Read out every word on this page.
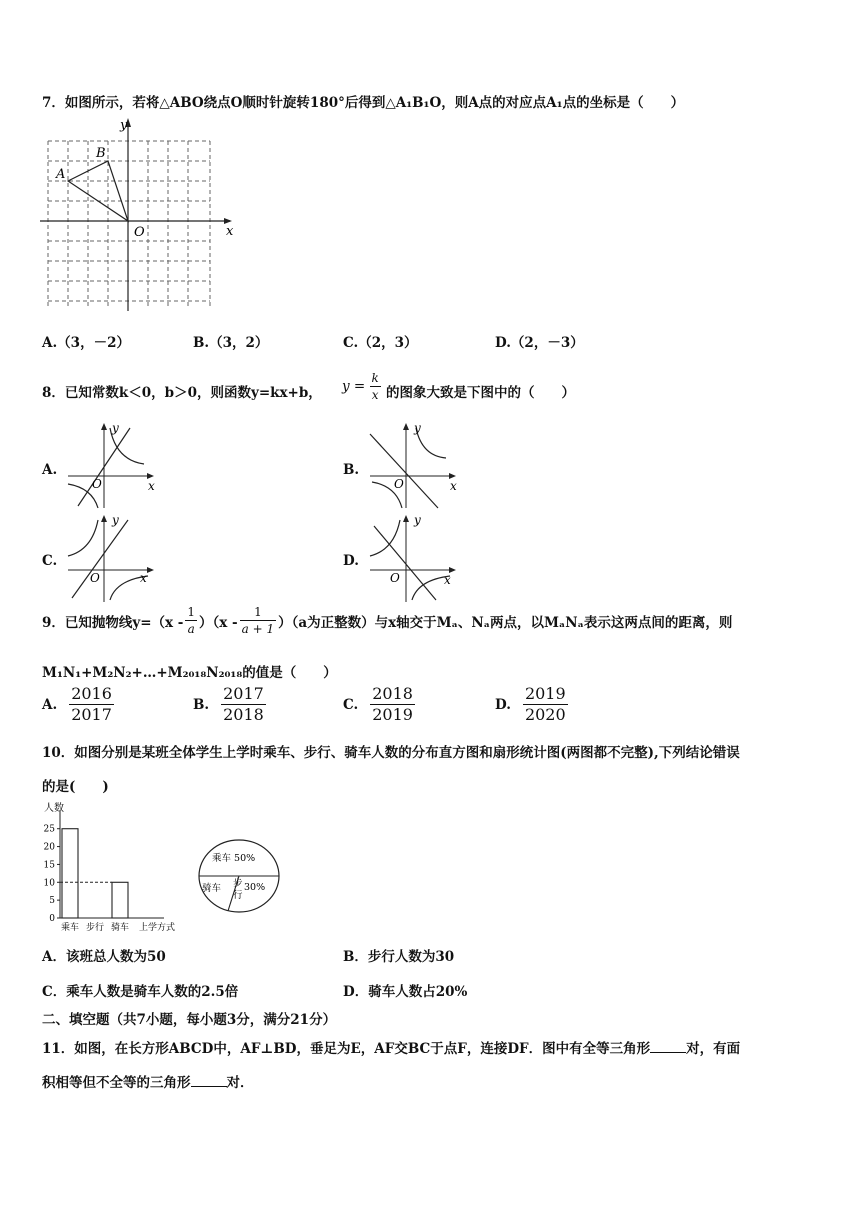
7．如图所示，若将△ABO绕点O顺时针旋转180°后得到△A₁B₁O，则A点的对应点A₁点的坐标是（　　）
y
x
O
A
B
A.（3，－2）	B.（3，2）	C.（2，3）	D.（2，－3）
8．已知常数k＜0，b＞0，则函数y=kx+b， $y = \frac{k}{x}$ 的图象大致是下图中的（　　）
A.
y
x
O
B.
y
x
O
C.
y
x
O
D.
y
x
O
9．已知抛物线$y=(x - \frac{1}{a} )(x - \frac{1}{a + 1} )(a$为正整数）与x轴交于Mₐ、Nₐ两点，以MₐNₐ表示这两点间的距离，则
M₁N₁+M₂N₂+…+M₂₀₁₈N₂₀₁₈的值是（　　）
A. $\frac{2016}{2017}$	B. $\frac{2017}{2018}$	C. $\frac{2018}{2019}$	D. $\frac{2019}{2020}$
10．如图分别是某班全体学生上学时乘车、步行、骑车人数的分布直方图和扇形统计图(两图都不完整),下列结论错误
的是(　　)
人数
0
5
10
15
20
25
乘车 步行 骑车 上学方式
乘车 50%
骑车 步
行
30%
A．该班总人数为50	B．步行人数为30
C．乘车人数是骑车人数的2.5倍	D．骑车人数占20%
二、填空题（共7小题，每小题3分，满分21分）
11．如图，在长方形ABCD中，AF⊥BD，垂足为E，AF交BC于点F，连接DF．图中有全等三角形	对，有面
积相等但不全等的三角形	对．
